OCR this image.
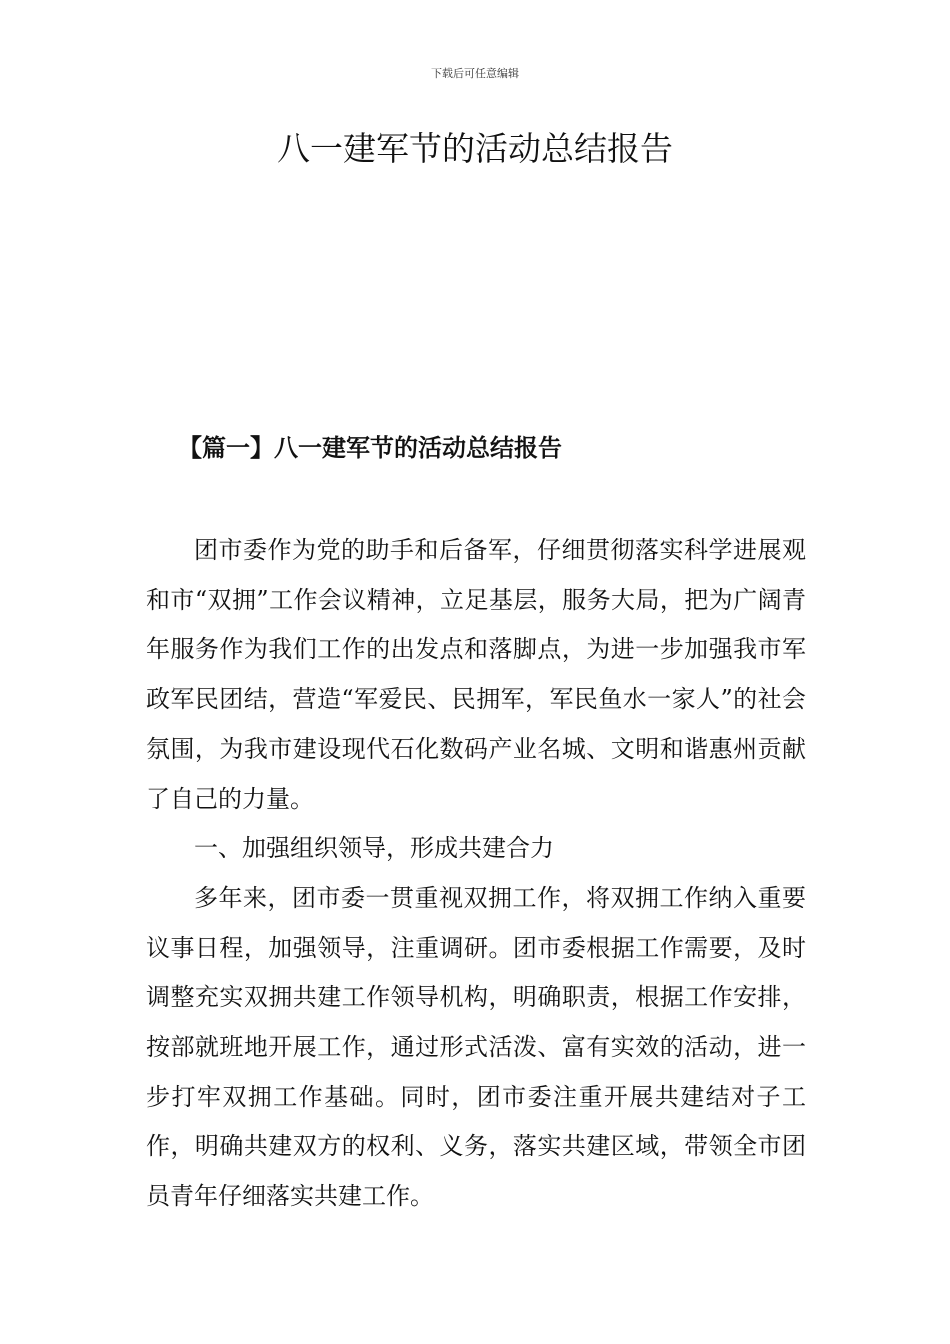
下载后可任意编辑
八一建军节的活动总结报告
【篇一】八一建军节的活动总结报告

团市委作为党的助手和后备军，仔细贯彻落实科学进展观和市“双拥”工作会议精神，立足基层，服务大局，把为广阔青年服务作为我们工作的出发点和落脚点，为进一步加强我市军政军民团结，营造“军爱民、民拥军，军民鱼水一家人”的社会氛围，为我市建设现代石化数码产业名城、文明和谐惠州贡献了自己的力量。

一、加强组织领导，形成共建合力

多年来，团市委一贯重视双拥工作，将双拥工作纳入重要议事日程，加强领导，注重调研。团市委根据工作需要，及时调整充实双拥共建工作领导机构，明确职责，根据工作安排，按部就班地开展工作，通过形式活泼、富有实效的活动，进一步打牢双拥工作基础。同时，团市委注重开展共建结对子工作，明确共建双方的权利、义务，落实共建区域，带领全市团员青年仔细落实共建工作。
